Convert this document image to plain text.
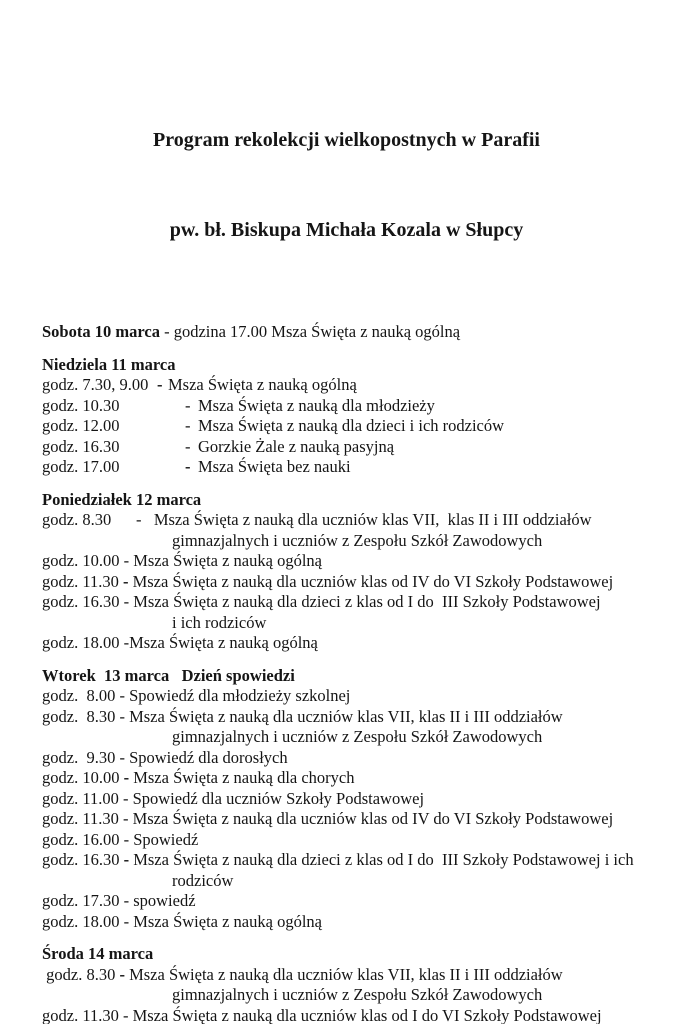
Program rekolekcji wielkopostnych w Parafii

pw. bł. Biskupa Michała Kozala w Słupcy

Sobota 10 marca - godzina 17.00 Msza Święta z nauką ogólną
Niedziela 11 marca
godz. 7.30, 9.00 - Msza Święta z nauką ogólną
godz. 10.30	- Msza Święta z nauką dla młodzieży
godz. 12.00	- Msza Święta z nauką dla dzieci i ich rodziców
godz. 16.30	- Gorzkie Żale z nauką pasyjną
godz. 17.00	- Msza Święta bez nauki
Poniedziałek 12 marca
godz. 8.30      -   Msza Święta z nauką dla uczniów klas VII,  klas II i III oddziałów
gimnazjalnych i uczniów z Zespołu Szkół Zawodowych
godz. 10.00 - Msza Święta z nauką ogólną
godz. 11.30 - Msza Święta z nauką dla uczniów klas od IV do VI Szkoły Podstawowej
godz. 16.30 - Msza Święta z nauką dla dzieci z klas od I do  III Szkoły Podstawowej
i ich rodziców
godz. 18.00 -Msza Święta z nauką ogólną
Wtorek  13 marca   Dzień spowiedzi
godz.  8.00 - Spowiedź dla młodzieży szkolnej
godz.  8.30 - Msza Święta z nauką dla uczniów klas VII, klas II i III oddziałów
gimnazjalnych i uczniów z Zespołu Szkół Zawodowych
godz.  9.30 - Spowiedź dla dorosłych
godz. 10.00 - Msza Święta z nauką dla chorych
godz. 11.00 - Spowiedź dla uczniów Szkoły Podstawowej
godz. 11.30 - Msza Święta z nauką dla uczniów klas od IV do VI Szkoły Podstawowej
godz. 16.00 - Spowiedź
godz. 16.30 - Msza Święta z nauką dla dzieci z klas od I do  III Szkoły Podstawowej i ich
rodziców
godz. 17.30 - spowiedź
godz. 18.00 - Msza Święta z nauką ogólną
Środa 14 marca
godz. 8.30 - Msza Święta z nauką dla uczniów klas VII, klas II i III oddziałów
gimnazjalnych i uczniów z Zespołu Szkół Zawodowych
godz. 11.30 - Msza Święta z nauką dla uczniów klas od I do VI Szkoły Podstawowej
